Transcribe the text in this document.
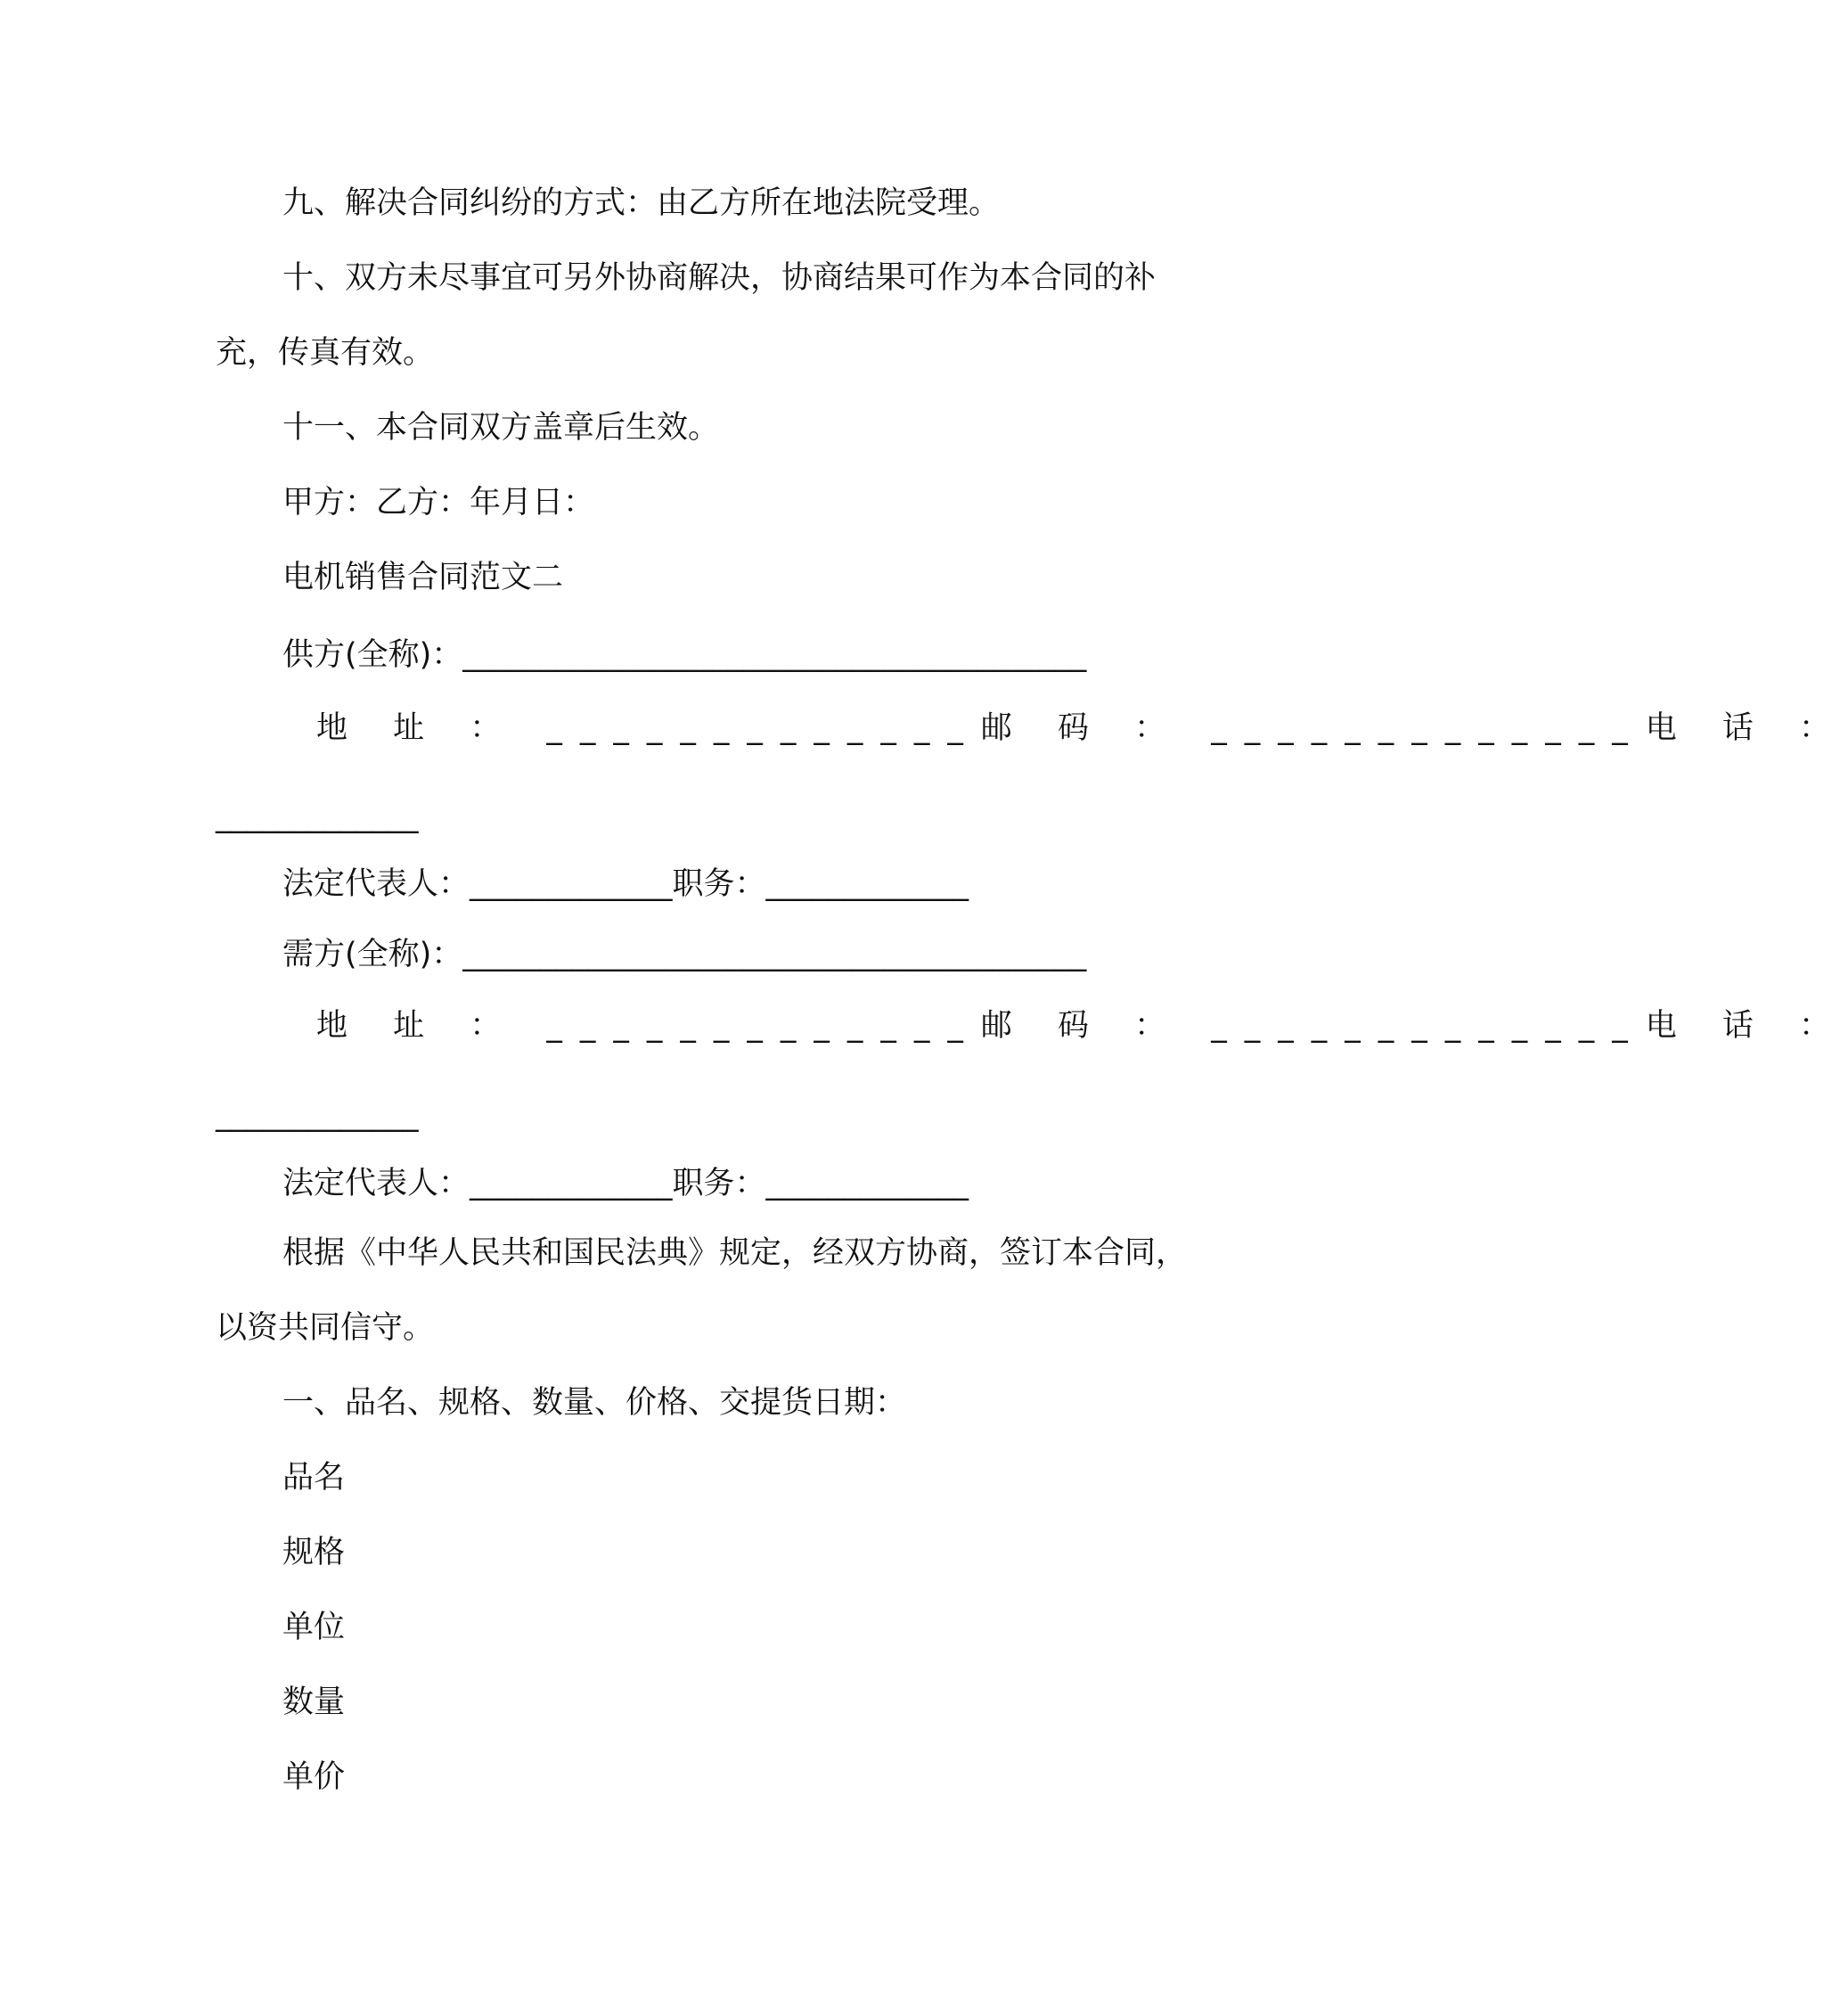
九、解决合同纠纷的方式：由乙方所在地法院受理。
十、双方未尽事宜可另外协商解决，协商结果可作为本合同的补
充，传真有效。
十一、本合同双方盖章后生效。
甲方：乙方：年月日：
电机销售合同范文二
供方(全称)：________________________________________
地 址 ： _____________邮 码 ： _____________电 话 ：
_____________
法定代表人：_____________职务：_____________
需方(全称)：________________________________________
地 址 ： _____________邮 码 ： _____________电 话 ：
_____________
法定代表人：_____________职务：_____________
根据《中华人民共和国民法典》规定，经双方协商，签订本合同，
以资共同信守。
一、品名、规格、数量、价格、交提货日期：
品名
规格
单位
数量
单价
